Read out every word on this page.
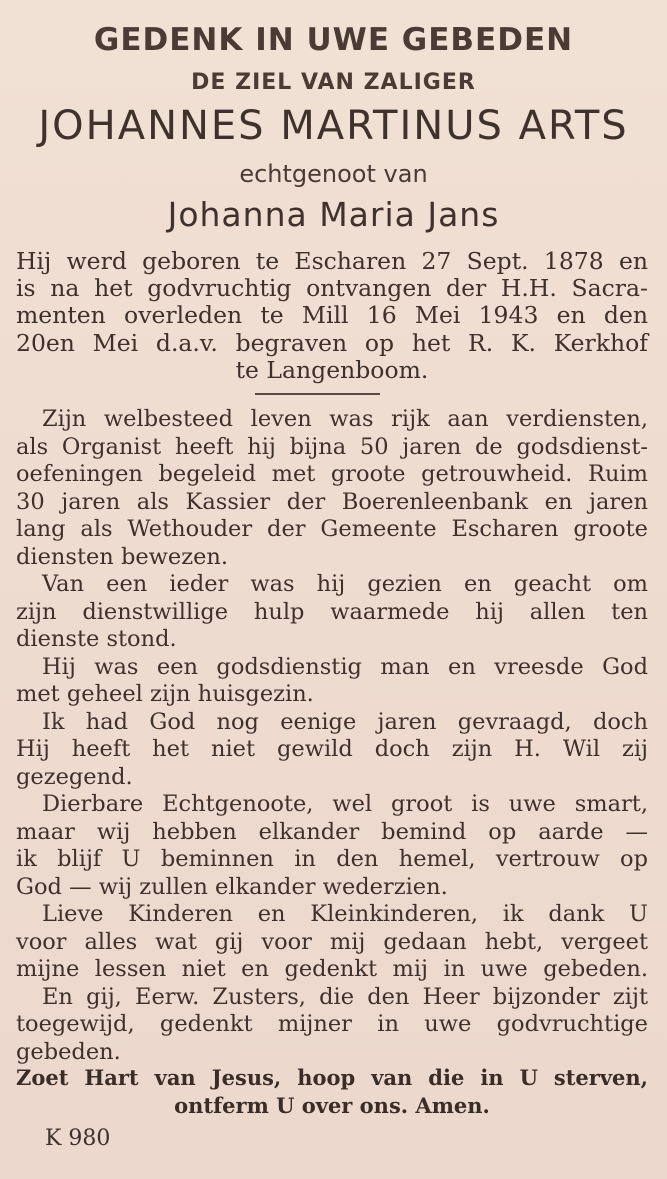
GEDENK IN UWE GEBEDEN
DE ZIEL VAN ZALIGER
JOHANNES MARTINUS ARTS
echtgenoot van
Johanna Maria Jans
Hij werd geboren te Escharen 27 Sept. 1878 en
is na het godvruchtig ontvangen der H.H. Sacra-
menten overleden te Mill 16 Mei 1943 en den
20en Mei d.a.v. begraven op het R. K. Kerkhof
te Langenboom.
Zijn welbesteed leven was rijk aan verdiensten,
als Organist heeft hij bijna 50 jaren de godsdienst-
oefeningen begeleid met groote getrouwheid. Ruim
30 jaren als Kassier der Boerenleenbank en jaren
lang als Wethouder der Gemeente Escharen groote
diensten bewezen.
Van een ieder was hij gezien en geacht om
zijn dienstwillige hulp waarmede hij allen ten
dienste stond.
Hij was een godsdienstig man en vreesde God
met geheel zijn huisgezin.
Ik had God nog eenige jaren gevraagd, doch
Hij heeft het niet gewild doch zijn H. Wil zij
gezegend.
Dierbare Echtgenoote, wel groot is uwe smart,
maar wij hebben elkander bemind op aarde —
ik blijf U beminnen in den hemel, vertrouw op
God — wij zullen elkander wederzien.
Lieve Kinderen en Kleinkinderen, ik dank U
voor alles wat gij voor mij gedaan hebt, vergeet
mijne lessen niet en gedenkt mij in uwe gebeden.
En gij, Eerw. Zusters, die den Heer bijzonder zijt
toegewijd, gedenkt mijner in uwe godvruchtige
gebeden.
Zoet Hart van Jesus, hoop van die in U sterven,
ontferm U over ons. Amen.
K 980
